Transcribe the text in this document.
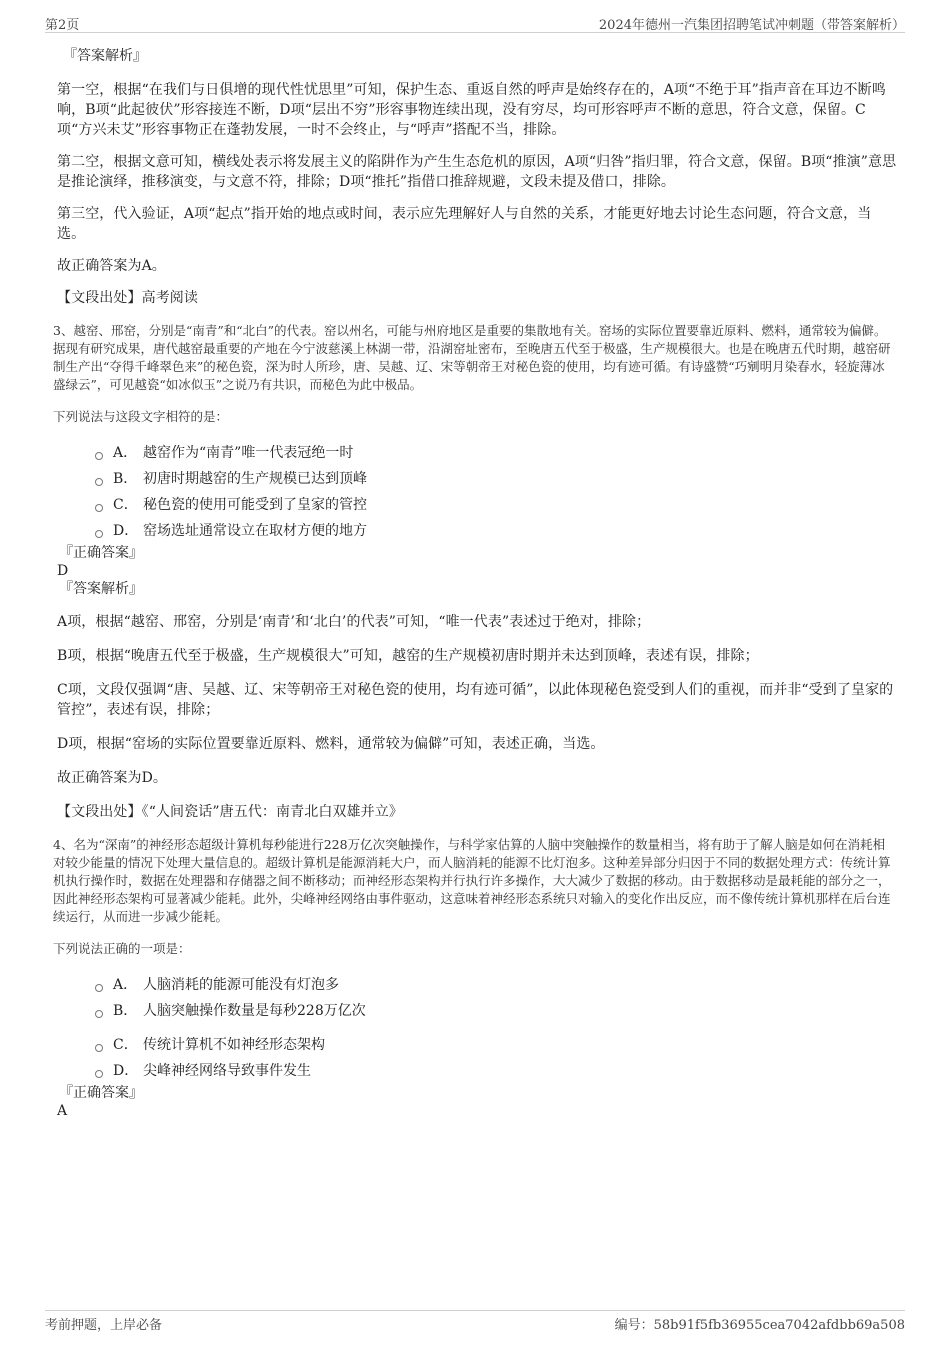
第2页	2024年德州一汽集团招聘笔试冲刺题（带答案解析）
『答案解析』

第一空，根据“在我们与日俱增的现代性忧思里”可知，保护生态、重返自然的呼声是始终存在的，A项“不绝于耳”指声音在耳边不断鸣响，B项“此起彼伏”形容接连不断，D项“层出不穷”形容事物连续出现，没有穷尽，均可形容呼声不断的意思，符合文意，保留。C项“方兴未艾”形容事物正在蓬勃发展，一时不会终止，与“呼声”搭配不当，排除。

第二空，根据文意可知，横线处表示将发展主义的陷阱作为产生生态危机的原因，A项“归咎”指归罪，符合文意，保留。B项“推演”意思是推论演绎，推移演变，与文意不符，排除；D项“推托”指借口推辞规避，文段未提及借口，排除。

第三空，代入验证，A项“起点”指开始的地点或时间，表示应先理解好人与自然的关系，才能更好地去讨论生态问题，符合文意，当选。

故正确答案为A。

【文段出处】高考阅读

3、越窑、邢窑，分别是“南青”和“北白”的代表。窑以州名，可能与州府地区是重要的集散地有关。窑场的实际位置要靠近原料、燃料，通常较为偏僻。据现有研究成果，唐代越窑最重要的产地在今宁波慈溪上林湖一带，沿湖窑址密布，至晚唐五代至于极盛，生产规模很大。也是在晚唐五代时期，越窑研制生产出“夺得千峰翠色来”的秘色瓷，深为时人所珍，唐、吴越、辽、宋等朝帝王对秘色瓷的使用，均有迹可循。有诗盛赞“巧剜明月染春水，轻旋薄冰盛绿云”，可见越瓷“如冰似玉”之说乃有共识，而秘色为此中极品。

下列说法与这段文字相符的是：

A． 越窑作为“南青”唯一代表冠绝一时
B． 初唐时期越窑的生产规模已达到顶峰
C． 秘色瓷的使用可能受到了皇家的管控
D． 窑场选址通常设立在取材方便的地方
『正确答案』
D
『答案解析』

A项，根据“越窑、邢窑，分别是‘南青’和‘北白’的代表”可知，“唯一代表”表述过于绝对，排除；

B项，根据“晚唐五代至于极盛，生产规模很大”可知，越窑的生产规模初唐时期并未达到顶峰，表述有误，排除；

C项，文段仅强调“唐、吴越、辽、宋等朝帝王对秘色瓷的使用，均有迹可循”，以此体现秘色瓷受到人们的重视，而并非“受到了皇家的管控”，表述有误，排除；

D项，根据“窑场的实际位置要靠近原料、燃料，通常较为偏僻”可知，表述正确，当选。

故正确答案为D。

【文段出处】《“人间瓷话”唐五代：南青北白双雄并立》

4、名为“深南”的神经形态超级计算机每秒能进行228万亿次突触操作，与科学家估算的人脑中突触操作的数量相当，将有助于了解人脑是如何在消耗相对较少能量的情况下处理大量信息的。超级计算机是能源消耗大户，而人脑消耗的能源不比灯泡多。这种差异部分归因于不同的数据处理方式：传统计算机执行操作时，数据在处理器和存储器之间不断移动；而神经形态架构并行执行许多操作，大大减少了数据的移动。由于数据移动是最耗能的部分之一，因此神经形态架构可显著减少能耗。此外，尖峰神经网络由事件驱动，这意味着神经形态系统只对输入的变化作出反应，而不像传统计算机那样在后台连续运行，从而进一步减少能耗。

下列说法正确的一项是：

A． 人脑消耗的能源可能没有灯泡多
B． 人脑突触操作数量是每秒228万亿次
C． 传统计算机不如神经形态架构
D． 尖峰神经网络导致事件发生
『正确答案』
A
考前押题，上岸必备	编号：58b91f5fb36955cea7042afdbb69a508
